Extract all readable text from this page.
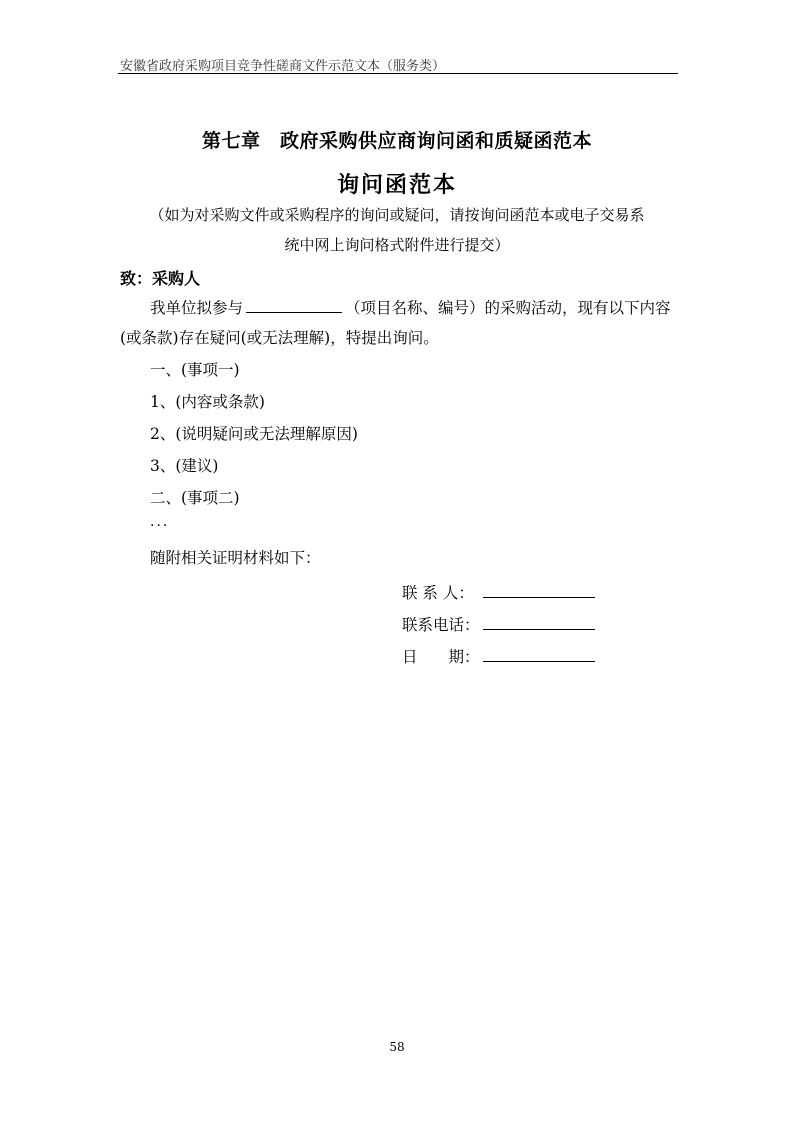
安徽省政府采购项目竞争性磋商文件示范文本（服务类）
第七章　政府采购供应商询问函和质疑函范本
询问函范本
（如为对采购文件或采购程序的询问或疑问，请按询问函范本或电子交易系
统中网上询问格式附件进行提交）
致：采购人
我单位拟参与	（项目名称、编号）的采购活动，现有以下内容
(或条款)存在疑问(或无法理解)，特提出询问。
一、(事项一)
1、(内容或条款)
2、(说明疑问或无法理解原因)
3、(建议)
二、(事项二)
...
随附相关证明材料如下：
联 系 人：
联系电话：
日　　期：
58
